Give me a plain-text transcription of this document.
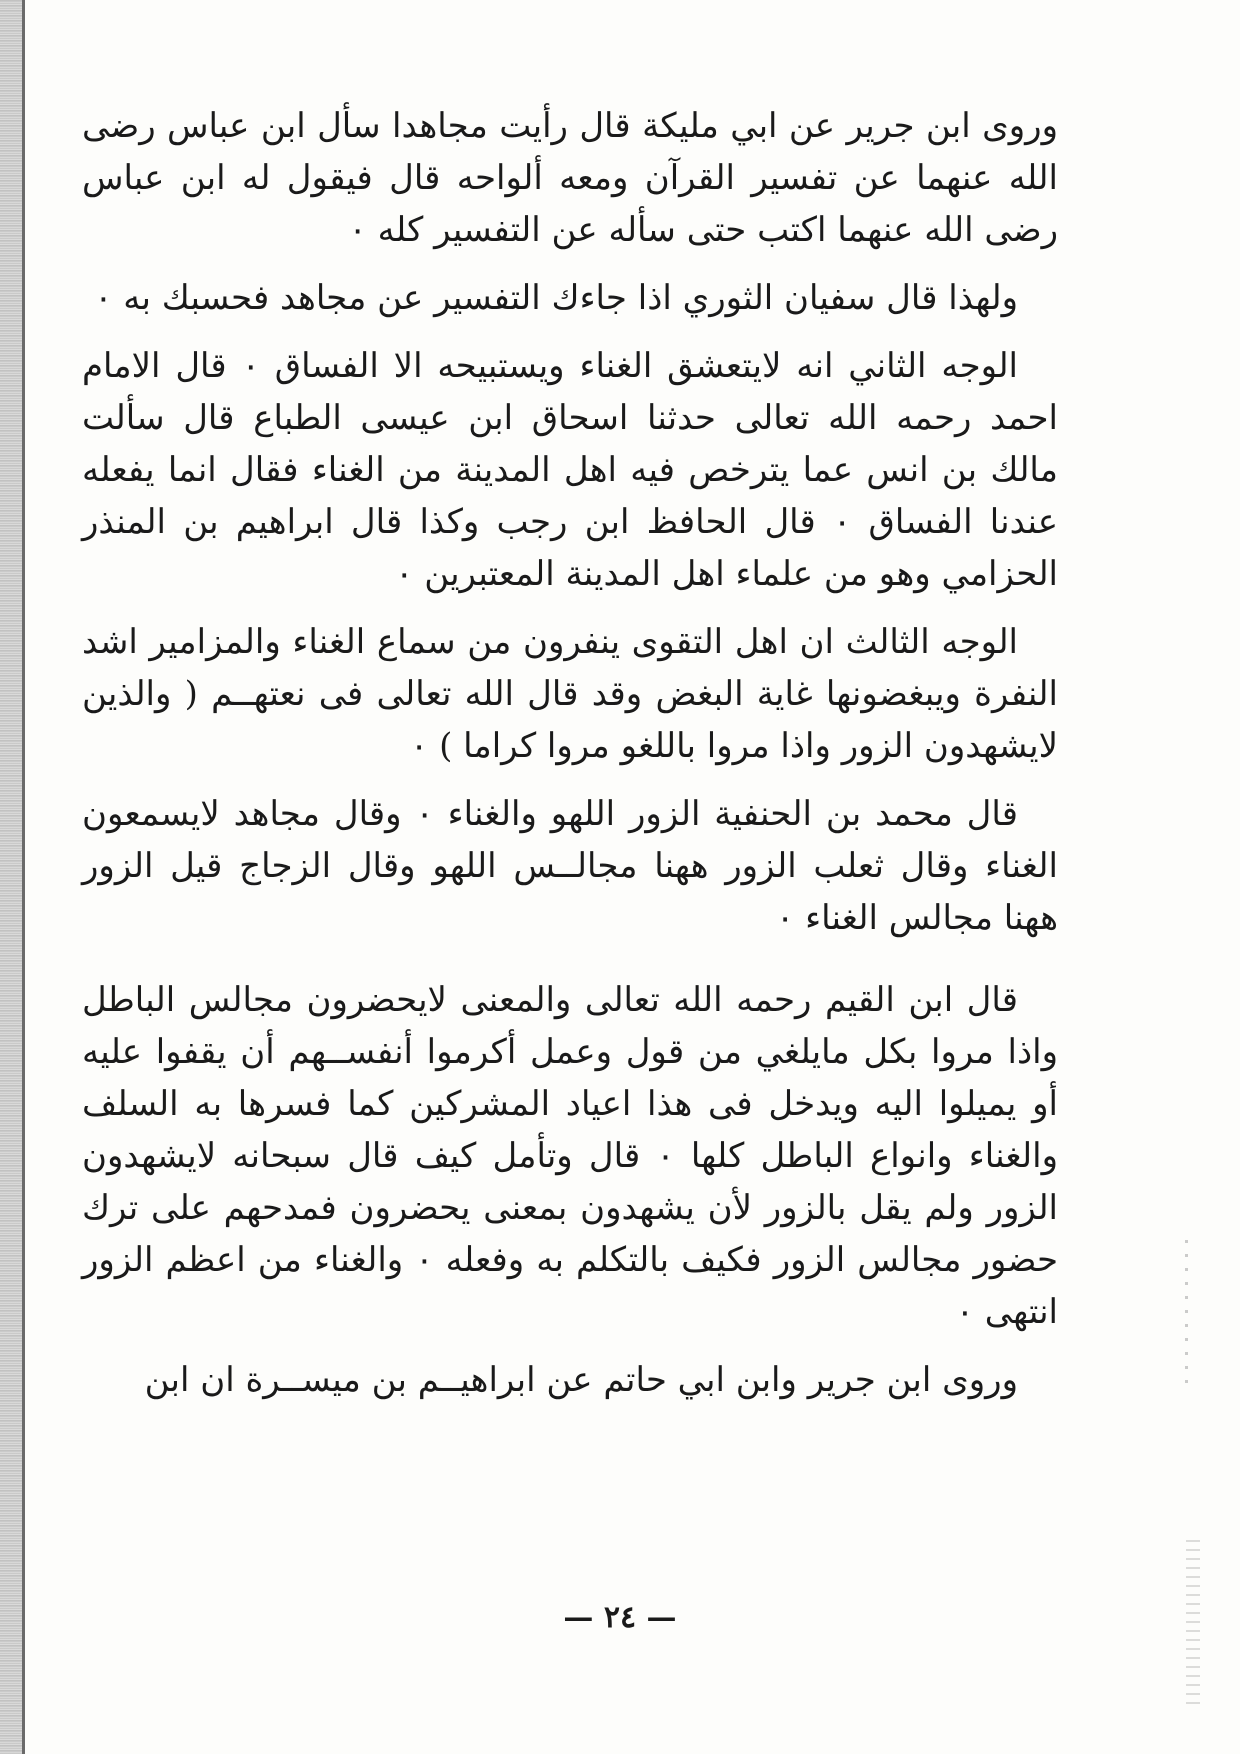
وروى ابن جرير عن ابي مليكة قال رأيت مجاهدا سأل ابن عباس رضى الله عنهما عن تفسير القرآن ومعه ألواحه قال فيقول له ابن عباس رضى الله عنهما اكتب حتى سأله عن التفسير كله ٠

ولهذا قال سفيان الثوري اذا جاءك التفسير عن مجاهد فحسبك به ٠

الوجه الثاني انه لايتعشق الغناء ويستبيحه الا الفساق ٠ قال الامام احمد رحمه الله تعالى حدثنا اسحاق ابن عيسى الطباع قال سألت مالك بن انس عما يترخص فيه اهل المدينة من الغناء فقال انما يفعله عندنا الفساق ٠ قال الحافظ ابن رجب وكذا قال ابراهيم بن المنذر الحزامي وهو من علماء اهل المدينة المعتبرين ٠

الوجه الثالث ان اهل التقوى ينفرون من سماع الغناء والمزامير اشد النفرة ويبغضونها غاية البغض وقد قال الله تعالى فى نعتهــم ( والذين لايشهدون الزور واذا مروا باللغو مروا كراما ) ٠

قال محمد بن الحنفية الزور اللهو والغناء ٠ وقال مجاهد لايسمعون الغناء وقال ثعلب الزور ههنا مجالــس اللهو وقال الزجاج قيل الزور ههنا مجالس الغناء ٠

قال ابن القيم رحمه الله تعالى والمعنى لايحضرون مجالس الباطل واذا مروا بكل مايلغي من قول وعمل أكرموا أنفســهم أن يقفوا عليه أو يميلوا اليه ويدخل فى هذا اعياد المشركين كما فسرها به السلف والغناء وانواع الباطل كلها ٠ قال وتأمل كيف قال سبحانه لايشهدون الزور ولم يقل بالزور لأن يشهدون بمعنى يحضرون فمدحهم على ترك حضور مجالس الزور فكيف بالتكلم به وفعله ٠ والغناء من اعظم الزور انتهى ٠

وروى ابن جرير وابن ابي حاتم عن ابراهيــم بن ميســرة ان ابن

— ٢٤ —
